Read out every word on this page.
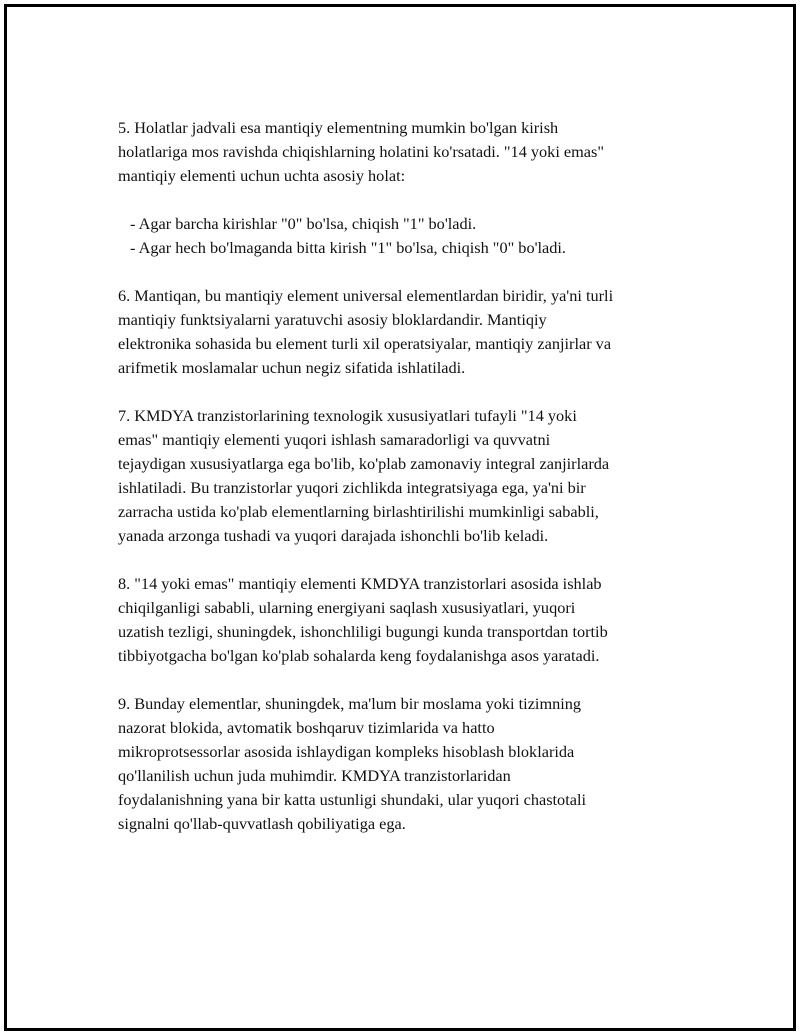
5. Holatlar jadvali esa mantiqiy elementning mumkin bo'lgan kirish
holatlariga mos ravishda chiqishlarning holatini ko'rsatadi. "14 yoki emas"
mantiqiy elementi uchun uchta asosiy holat:

- Agar barcha kirishlar "0" bo'lsa, chiqish "1" bo'ladi.
- Agar hech bo'lmaganda bitta kirish "1" bo'lsa, chiqish "0" bo'ladi.

6. Mantiqan, bu mantiqiy element universal elementlardan biridir, ya'ni turli
mantiqiy funktsiyalarni yaratuvchi asosiy bloklardandir. Mantiqiy
elektronika sohasida bu element turli xil operatsiyalar, mantiqiy zanjirlar va
arifmetik moslamalar uchun negiz sifatida ishlatiladi.

7. KMDYA tranzistorlarining texnologik xususiyatlari tufayli "14 yoki
emas" mantiqiy elementi yuqori ishlash samaradorligi va quvvatni
tejaydigan xususiyatlarga ega bo'lib, ko'plab zamonaviy integral zanjirlarda
ishlatiladi. Bu tranzistorlar yuqori zichlikda integratsiyaga ega, ya'ni bir
zarracha ustida ko'plab elementlarning birlashtirilishi mumkinligi sababli,
yanada arzonga tushadi va yuqori darajada ishonchli bo'lib keladi.

8. "14 yoki emas" mantiqiy elementi KMDYA tranzistorlari asosida ishlab
chiqilganligi sababli, ularning energiyani saqlash xususiyatlari, yuqori
uzatish tezligi, shuningdek, ishonchliligi bugungi kunda transportdan tortib
tibbiyotgacha bo'lgan ko'plab sohalarda keng foydalanishga asos yaratadi.

9. Bunday elementlar, shuningdek, ma'lum bir moslama yoki tizimning
nazorat blokida, avtomatik boshqaruv tizimlarida va hatto
mikroprotsessorlar asosida ishlaydigan kompleks hisoblash bloklarida
qo'llanilish uchun juda muhimdir. KMDYA tranzistorlaridan
foydalanishning yana bir katta ustunligi shundaki, ular yuqori chastotali
signalni qo'llab-quvvatlash qobiliyatiga ega.
